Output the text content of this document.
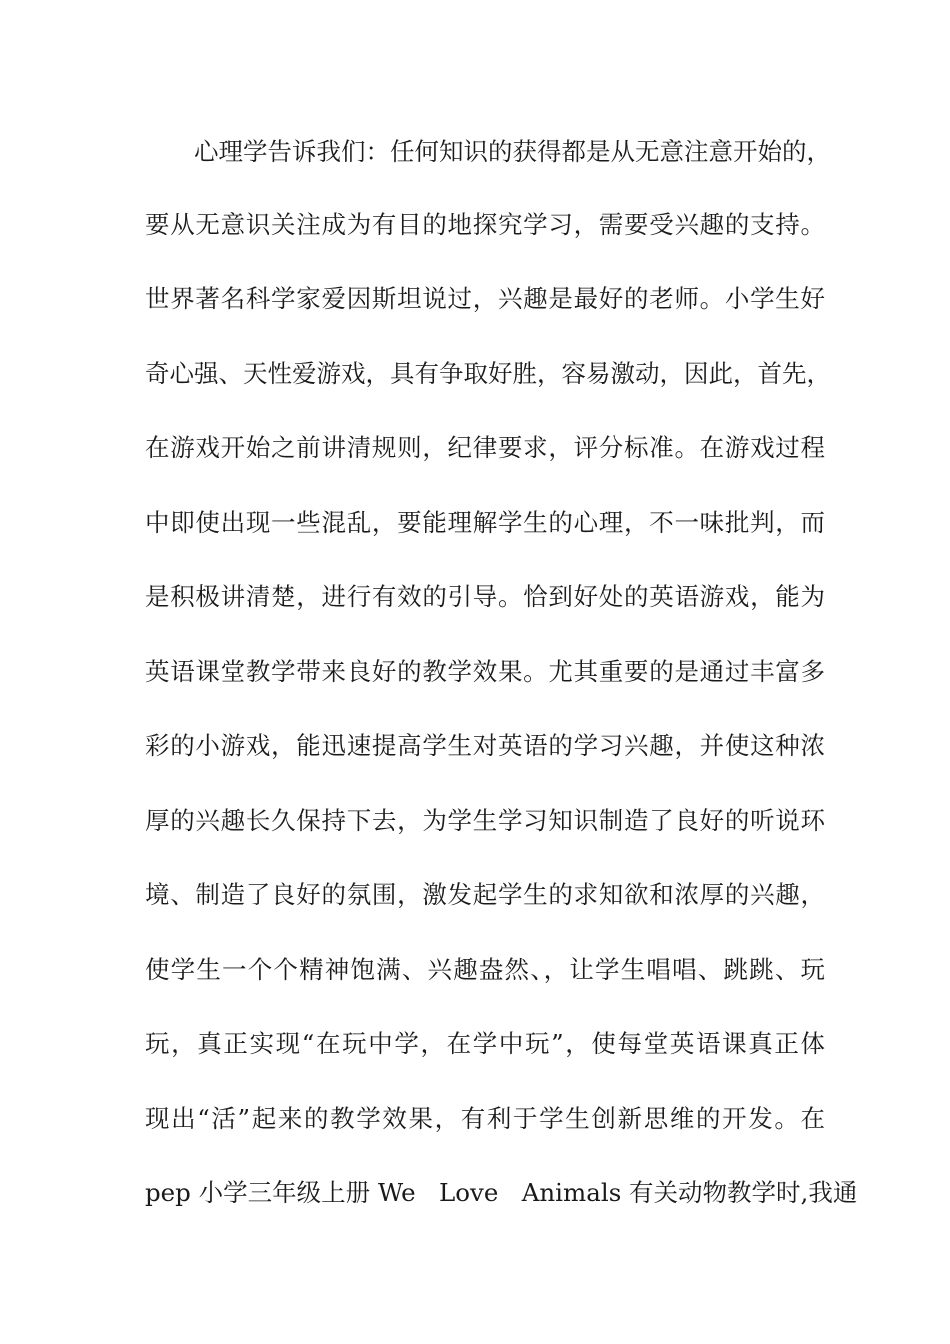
心理学告诉我们：任何知识的获得都是从无意注意开始的，
要从无意识关注成为有目的地探究学习，需要受兴趣的支持。
世界著名科学家爱因斯坦说过，兴趣是最好的老师。小学生好
奇心强、天性爱游戏，具有争取好胜，容易激动，因此，首先，
在游戏开始之前讲清规则，纪律要求，评分标准。在游戏过程
中即使出现一些混乱，要能理解学生的心理，不一味批判，而
是积极讲清楚，进行有效的引导。恰到好处的英语游戏，能为
英语课堂教学带来良好的教学效果。尤其重要的是通过丰富多
彩的小游戏，能迅速提高学生对英语的学习兴趣，并使这种浓
厚的兴趣长久保持下去，为学生学习知识制造了良好的听说环
境、制造了良好的氛围，激发起学生的求知欲和浓厚的兴趣，
使学生一个个精神饱满、兴趣盎然、，让学生唱唱、跳跳、玩
玩，真正实现“在玩中学，在学中玩”，使每堂英语课真正体
现出“活”起来的教学效果，有利于学生创新思维的开发。在
pep 小学三年级上册 We   Love   Animals 有关动物教学时,我通
